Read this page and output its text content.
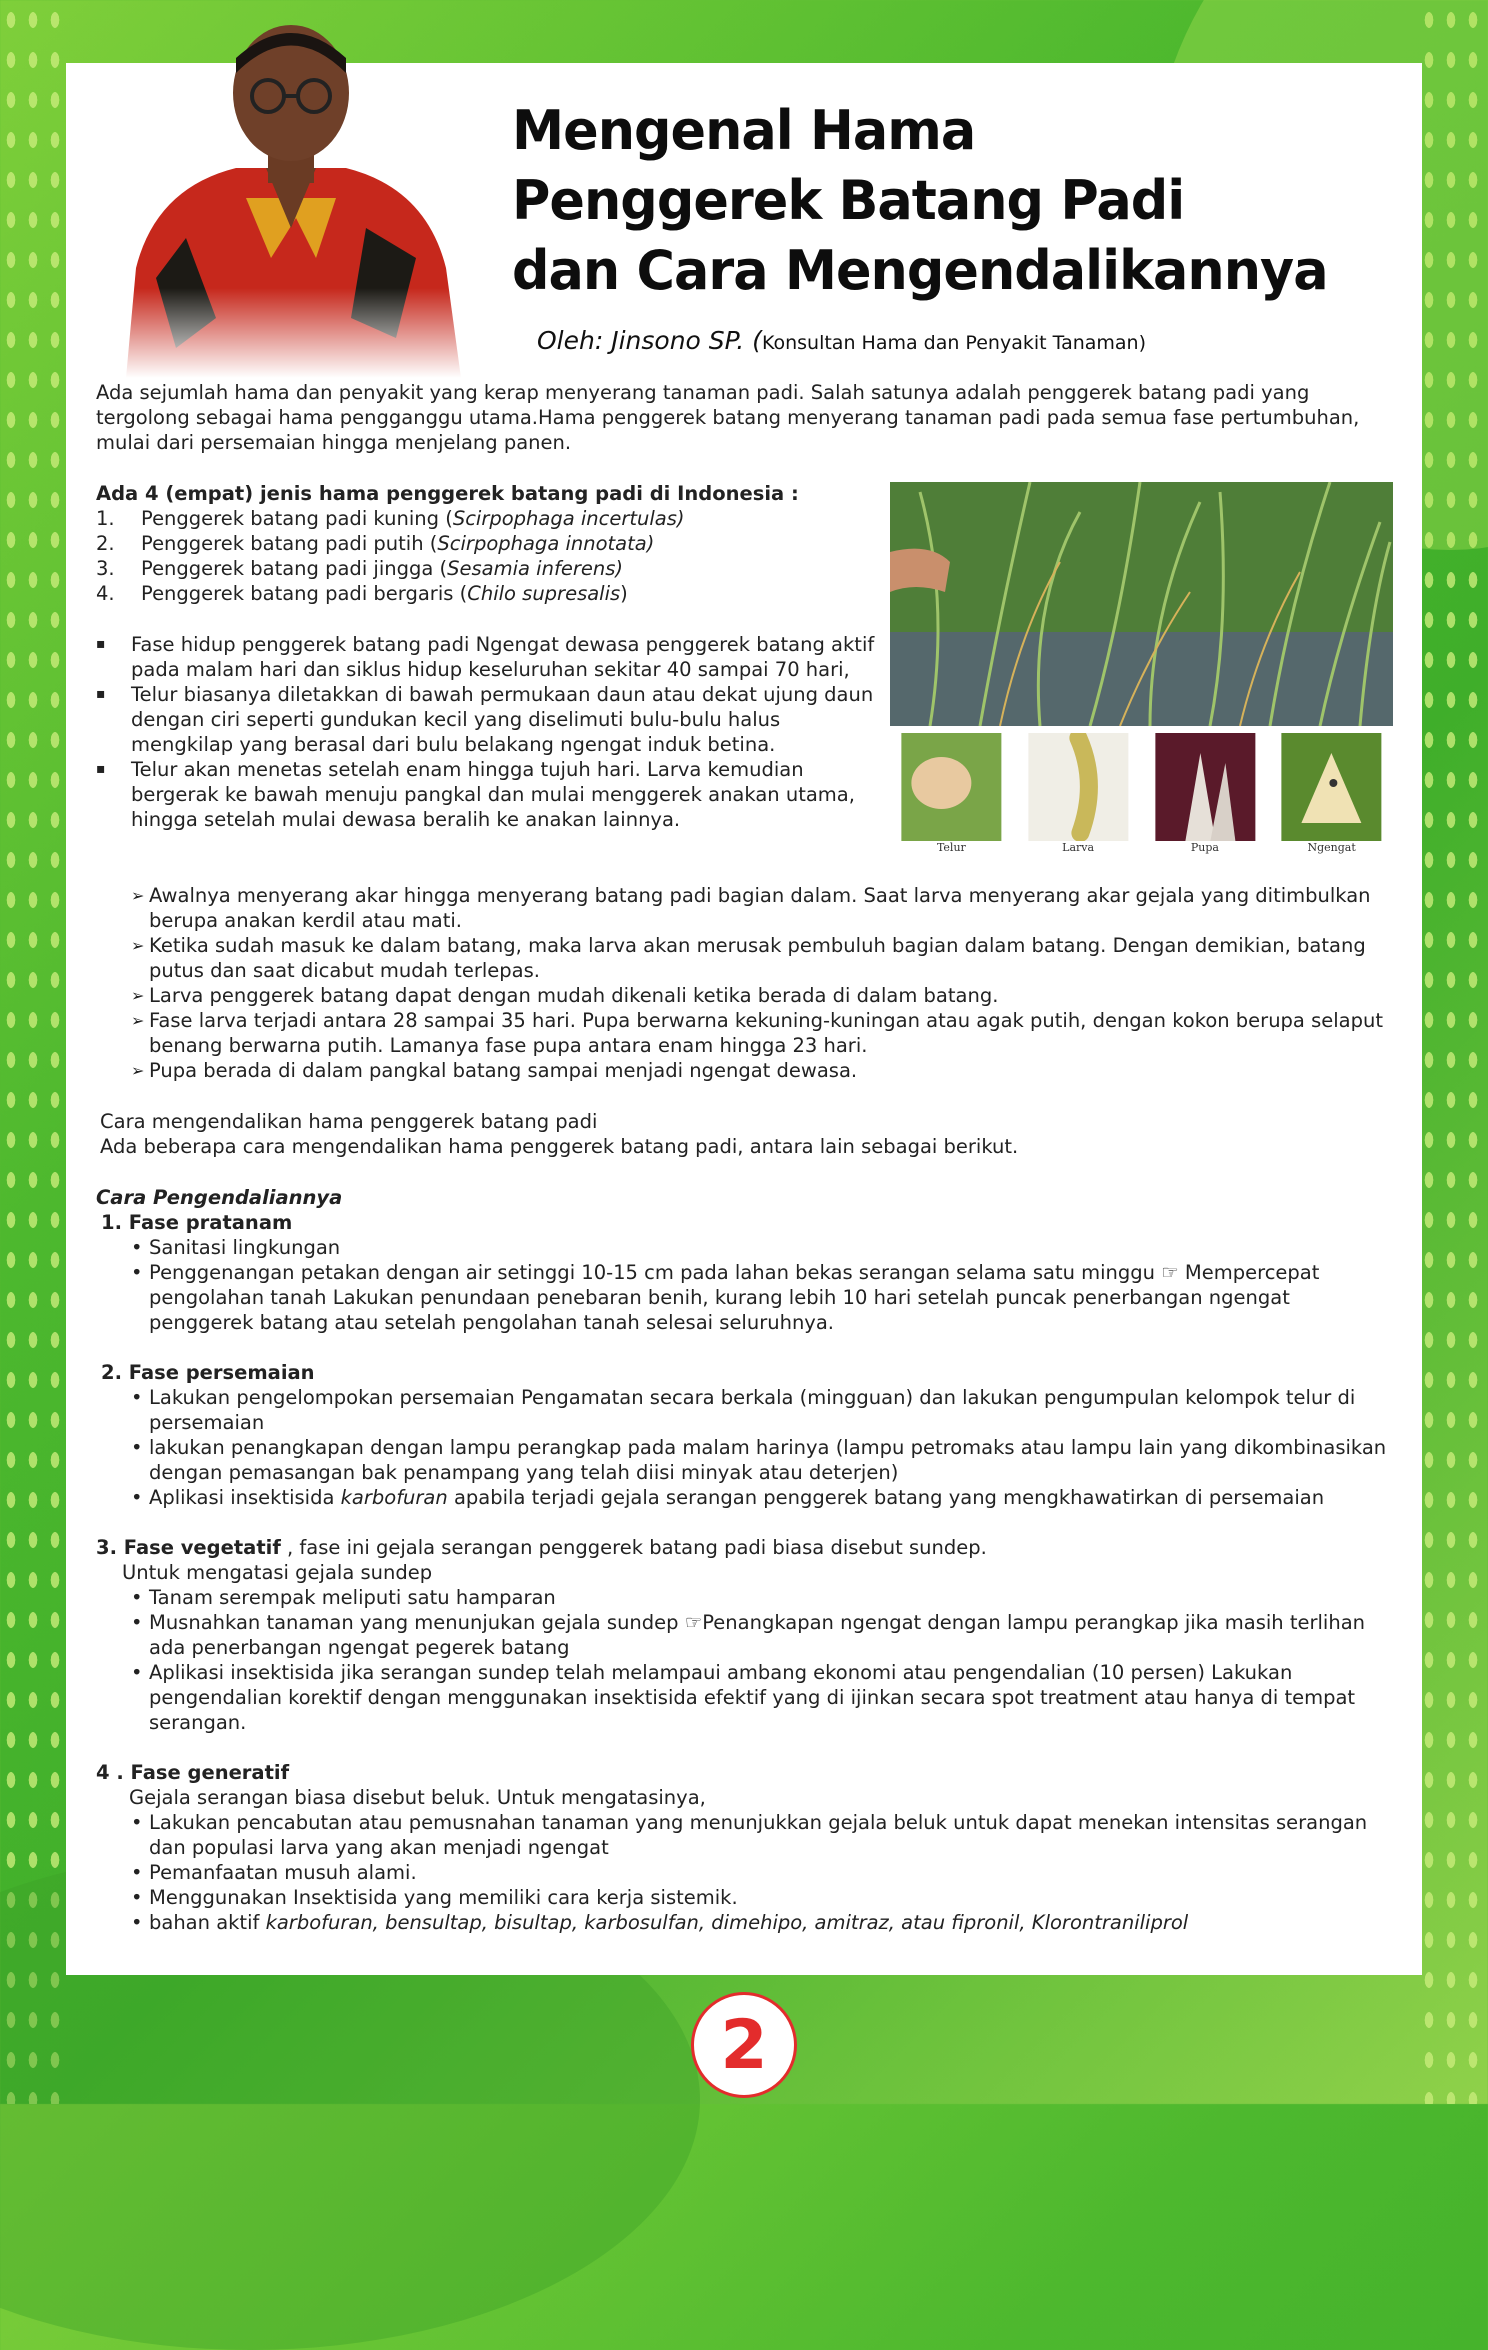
Mengenal Hama
Penggerek Batang Padi
dan Cara Mengendalikannya
Oleh: Jinsono SP. (Konsultan Hama dan Penyakit Tanaman)

Ada sejumlah hama dan penyakit yang kerap menyerang tanaman padi. Salah satunya adalah penggerek batang padi yang tergolong sebagai hama pengganggu utama.Hama penggerek batang menyerang tanaman padi pada semua fase pertumbuhan, mulai dari persemaian hingga menjelang panen.

Ada 4 (empat) jenis hama penggerek batang padi di Indonesia :

1.	Penggerek batang padi kuning (Scirpophaga incertulas)
2.	Penggerek batang padi putih (Scirpophaga innotata)
3.	Penggerek batang padi jingga (Sesamia inferens)
4.	Penggerek batang padi bergaris (Chilo supresalis)
▪ Fase hidup penggerek batang padi Ngengat dewasa penggerek batang aktif pada malam hari dan siklus hidup keseluruhan sekitar 40 sampai 70 hari,
▪ Telur biasanya diletakkan di bawah permukaan daun atau dekat ujung daun dengan ciri seperti gundukan kecil yang diselimuti bulu-bulu halus mengkilap yang berasal dari bulu belakang ngengat induk betina.
▪ Telur akan menetas setelah enam hingga tujuh hari. Larva kemudian bergerak ke bawah menuju pangkal dan mulai menggerek anakan utama, hingga setelah mulai dewasa beralih ke anakan lainnya.
Telur	Larva	Pupa	Ngengat
➢ Awalnya menyerang akar hingga menyerang batang padi bagian dalam. Saat larva menyerang akar gejala yang ditimbulkan berupa anakan kerdil atau mati.
➢ Ketika sudah masuk ke dalam batang, maka larva akan merusak pembuluh bagian dalam batang. Dengan demikian, batang putus dan saat dicabut mudah terlepas.
➢ Larva penggerek batang dapat dengan mudah dikenali ketika berada di dalam batang.
➢ Fase larva terjadi antara 28 sampai 35 hari. Pupa berwarna kekuning-kuningan atau agak putih, dengan kokon berupa selaput benang berwarna putih. Lamanya fase pupa antara enam hingga 23 hari.
➢ Pupa berada di dalam pangkal batang sampai menjadi ngengat dewasa.

Cara mengendalikan hama penggerek batang padi

Ada beberapa cara mengendalikan hama penggerek batang padi, antara lain sebagai berikut.

Cara Pengendaliannya

1. Fase pratanam

• Sanitasi lingkungan
• Penggenangan petakan dengan air setinggi 10-15 cm pada lahan bekas serangan selama satu minggu ☞ Mempercepat pengolahan tanah Lakukan penundaan penebaran benih, kurang lebih 10 hari setelah puncak penerbangan ngengat penggerek batang atau setelah pengolahan tanah selesai seluruhnya.

2. Fase persemaian

• Lakukan pengelompokan persemaian Pengamatan secara berkala (mingguan) dan lakukan pengumpulan kelompok telur di persemaian
• lakukan penangkapan dengan lampu perangkap pada malam harinya (lampu petromaks atau lampu lain yang dikombinasikan dengan pemasangan bak penampang yang telah diisi minyak atau deterjen)
• Aplikasi insektisida karbofuran apabila terjadi gejala serangan penggerek batang yang mengkhawatirkan di persemaian

3. Fase vegetatif , fase ini gejala serangan penggerek batang padi biasa disebut sundep.

Untuk mengatasi gejala sundep

• Tanam serempak meliputi satu hamparan
• Musnahkan tanaman yang menunjukan gejala sundep ☞Penangkapan ngengat dengan lampu perangkap jika masih terlihan ada penerbangan ngengat pegerek batang
• Aplikasi insektisida jika serangan sundep telah melampaui ambang ekonomi atau pengendalian (10 persen) Lakukan pengendalian korektif dengan menggunakan insektisida efektif yang di ijinkan secara spot treatment atau hanya di tempat serangan.

4 . Fase generatif

Gejala serangan biasa disebut beluk. Untuk mengatasinya,

• Lakukan pencabutan atau pemusnahan tanaman yang menunjukkan gejala beluk untuk dapat menekan intensitas serangan dan populasi larva yang akan menjadi ngengat
• Pemanfaatan musuh alami.
• Menggunakan Insektisida yang memiliki cara kerja sistemik.
• bahan aktif karbofuran, bensultap, bisultap, karbosulfan, dimehipo, amitraz, atau fipronil, Klorontraniliprol
2
